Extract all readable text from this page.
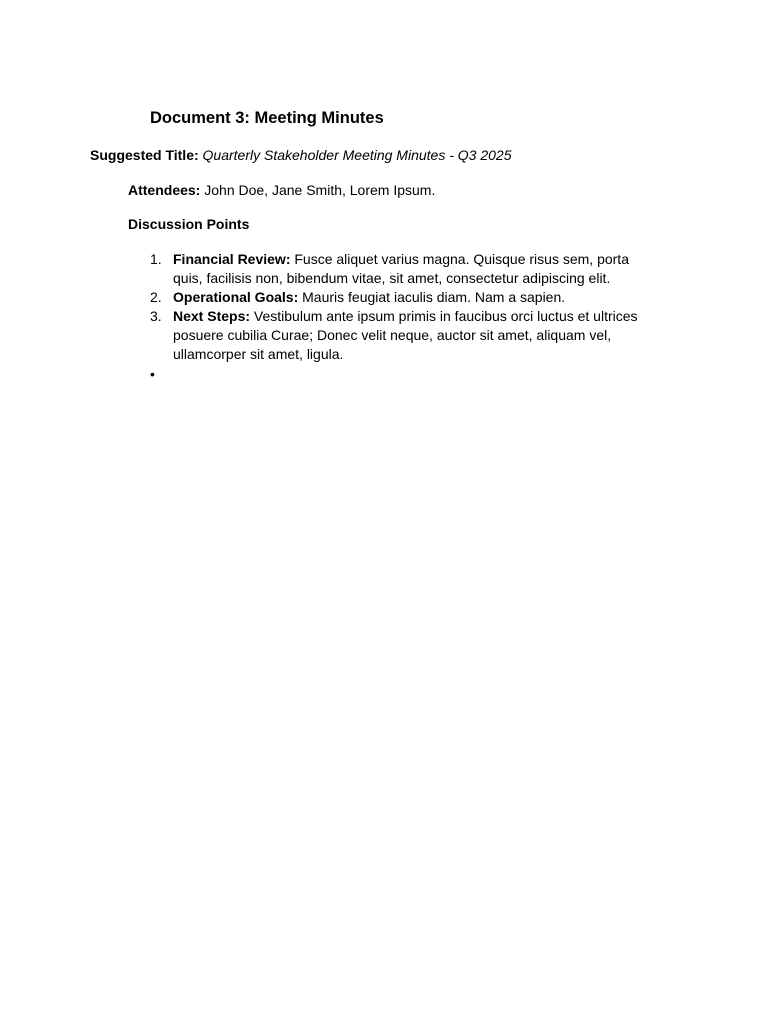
Document 3: Meeting Minutes

Suggested Title: Quarterly Stakeholder Meeting Minutes - Q3 2025

Attendees: John Doe, Jane Smith, Lorem Ipsum.

Discussion Points

1. Financial Review: Fusce aliquet varius magna. Quisque risus sem, porta quis, facilisis non, bibendum vitae, sit amet, consectetur adipiscing elit.
2. Operational Goals: Mauris feugiat iaculis diam. Nam a sapien.
3. Next Steps: Vestibulum ante ipsum primis in faucibus orci luctus et ultrices posuere cubilia Curae; Donec velit neque, auctor sit amet, aliquam vel, ullamcorper sit amet, ligula.
•
